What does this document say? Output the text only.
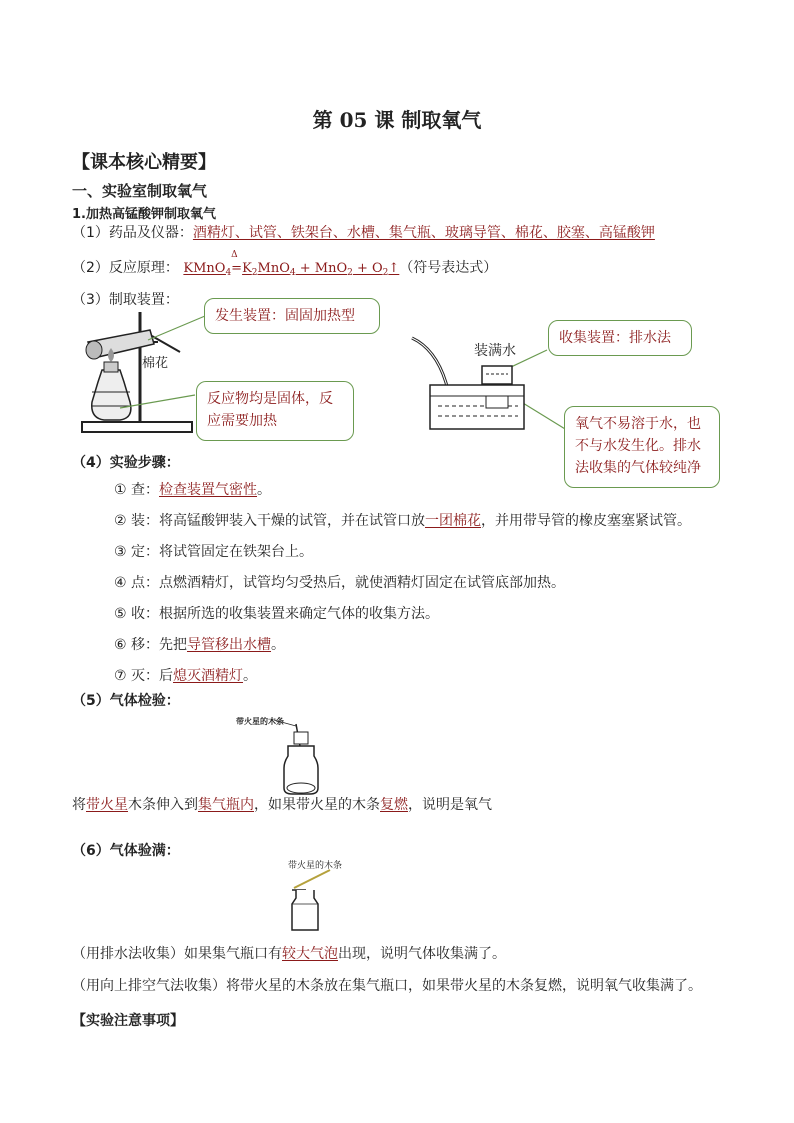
第 05 课 制取氧气
【课本核心精要】
一、实验室制取氧气
1.加热高锰酸钾制取氧气
（1）药品及仪器：酒精灯、试管、铁架台、水槽、集气瓶、玻璃导管、棉花、胶塞、高锰酸钾
（2）反应原理： KMnO$_4$
Δ
$=K_2MnO_4 + MnO_2$ + $O_2↑$（符号表达式）
（3）制取装置：
棉花
发生装置：固固加热型
反应物均是固体，反应需要加热
装满水
收集装置：排水法
氧气不易溶于水，也不与水发生化。排水法收集的气体较纯净
（4）实验步骤：
① 查：检查装置气密性。
② 装：将高锰酸钾装入干燥的试管，并在试管口放一团棉花，并用带导管的橡皮塞塞紧试管。
③ 定：将试管固定在铁架台上。
④ 点：点燃酒精灯，试管均匀受热后，就使酒精灯固定在试管底部加热。
⑤ 收：根据所选的收集装置来确定气体的收集方法。
⑥ 移：先把导管移出水槽。
⑦ 灭：后熄灭酒精灯。
（5）气体检验：
带火星的木条
将带火星木条伸入到集气瓶内，如果带火星的木条复燃，说明是氧气
（6）气体验满：
带火星的木条
（用排水法收集）如果集气瓶口有较大气泡出现，说明气体收集满了。
（用向上排空气法收集）将带火星的木条放在集气瓶口，如果带火星的木条复燃，说明氧气收集满了。
【实验注意事项】
